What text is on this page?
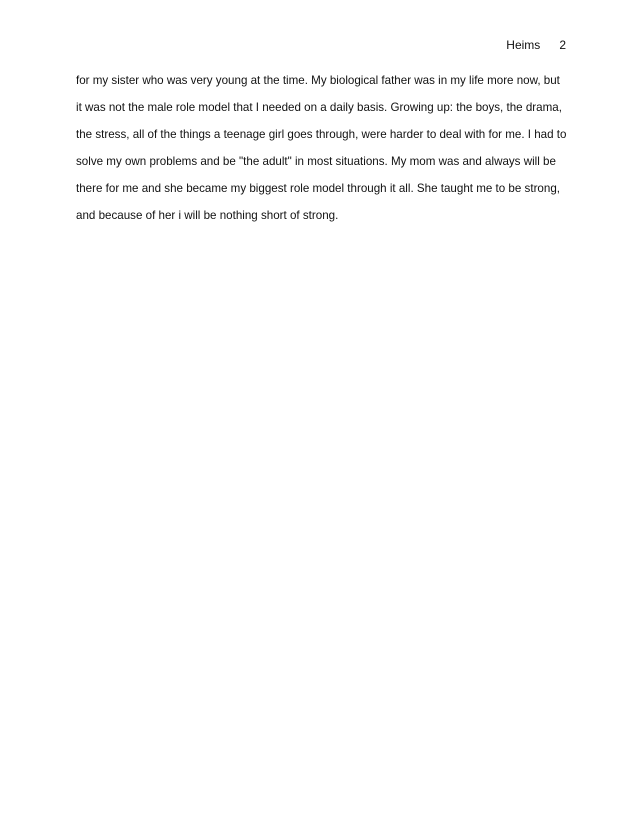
Heims 2
for my sister who was very young at the time. My biological father was in my life more now, but
it was not the male role model that I needed on a daily basis. Growing up: the boys, the drama,
the stress, all of the things a teenage girl goes through, were harder to deal with for me. I had to
solve my own problems and be "the adult" in most situations. My mom was and always will be
there for me and she became my biggest role model through it all. She taught me to be strong,
and because of her i will be nothing short of strong.
